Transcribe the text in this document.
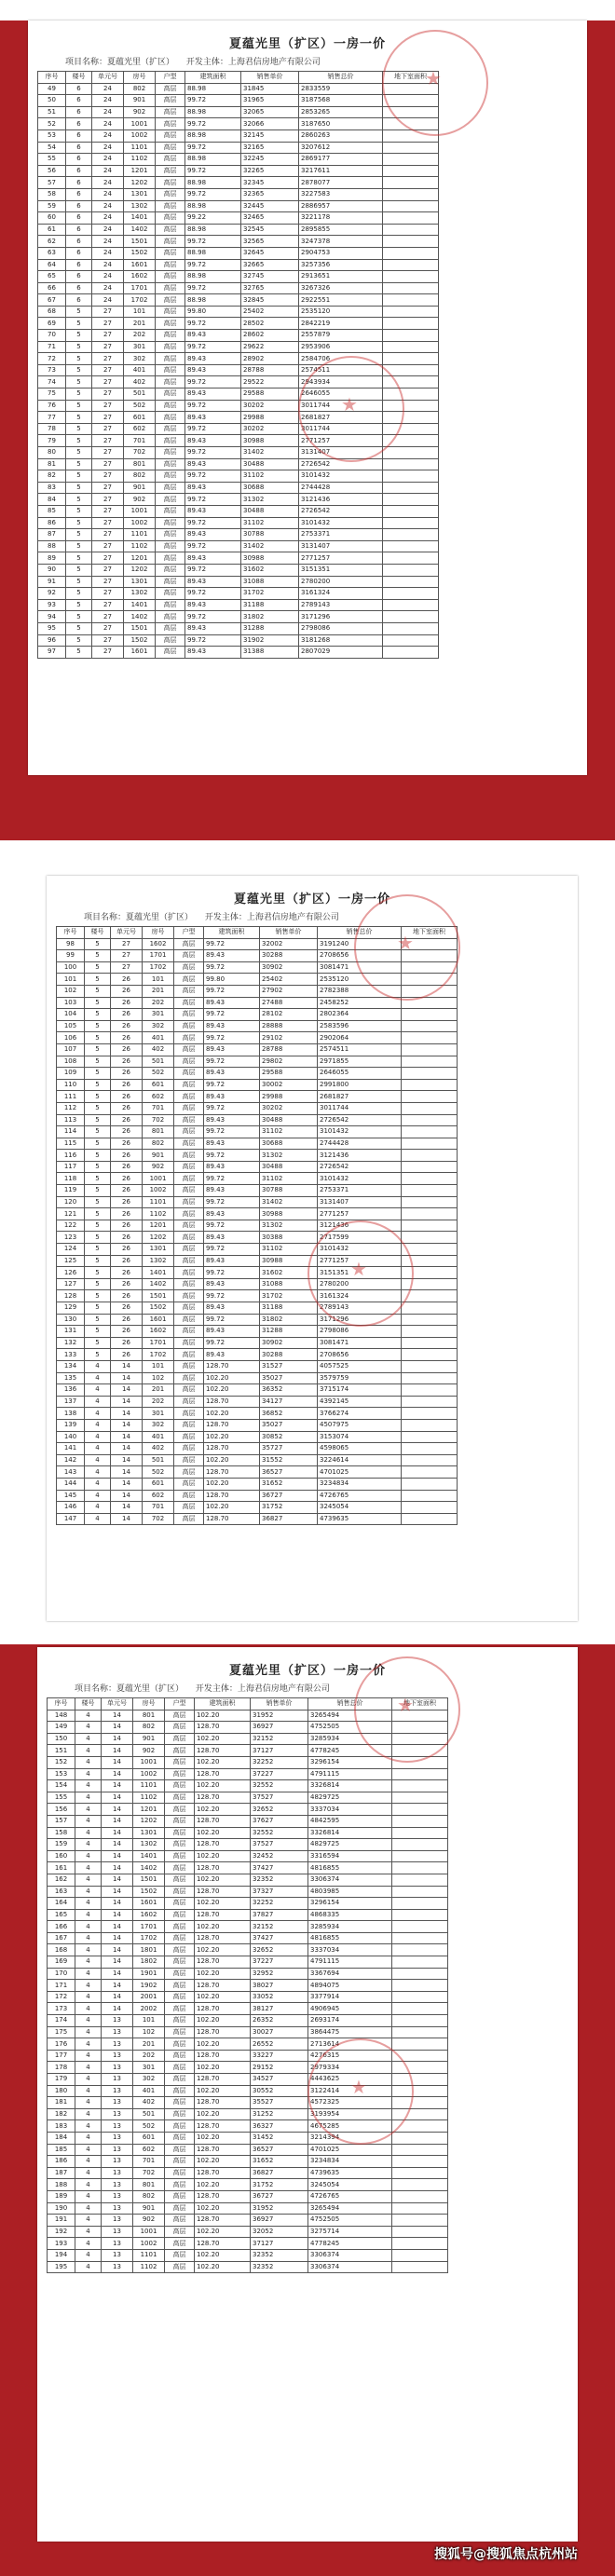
夏蕴光里（扩区）一房一价
项目名称：夏蕴光里（扩区） 开发主体：上海君信房地产有限公司
序号	楼号	单元号	房号	户型	建筑面积	销售单价	销售总价	地下室面积
49	6	24	802	高层	88.98	31845	2833559	
50	6	24	901	高层	99.72	31965	3187568	
51	6	24	902	高层	88.98	32065	2853265	
52	6	24	1001	高层	99.72	32066	3187650	
53	6	24	1002	高层	88.98	32145	2860263	
54	6	24	1101	高层	99.72	32165	3207612	
55	6	24	1102	高层	88.98	32245	2869177	
56	6	24	1201	高层	99.72	32265	3217611	
57	6	24	1202	高层	88.98	32345	2878077	
58	6	24	1301	高层	99.72	32365	3227583	
59	6	24	1302	高层	88.98	32445	2886957	
60	6	24	1401	高层	99.22	32465	3221178	
61	6	24	1402	高层	88.98	32545	2895855	
62	6	24	1501	高层	99.72	32565	3247378	
63	6	24	1502	高层	88.98	32645	2904753	
64	6	24	1601	高层	99.72	32665	3257356	
65	6	24	1602	高层	88.98	32745	2913651	
66	6	24	1701	高层	99.72	32765	3267326	
67	6	24	1702	高层	88.98	32845	2922551	
68	5	27	101	高层	99.80	25402	2535120	
69	5	27	201	高层	99.72	28502	2842219	
70	5	27	202	高层	89.43	28602	2557879	
71	5	27	301	高层	99.72	29622	2953906	
72	5	27	302	高层	89.43	28902	2584706	
73	5	27	401	高层	89.43	28788	2574511	
74	5	27	402	高层	99.72	29522	2943934	
75	5	27	501	高层	89.43	29588	2646055	
76	5	27	502	高层	99.72	30202	3011744	
77	5	27	601	高层	89.43	29988	2681827	
78	5	27	602	高层	99.72	30202	3011744	
79	5	27	701	高层	89.43	30988	2771257	
80	5	27	702	高层	99.72	31402	3131407	
81	5	27	801	高层	89.43	30488	2726542	
82	5	27	802	高层	99.72	31102	3101432	
83	5	27	901	高层	89.43	30688	2744428	
84	5	27	902	高层	99.72	31302	3121436	
85	5	27	1001	高层	89.43	30488	2726542	
86	5	27	1002	高层	99.72	31102	3101432	
87	5	27	1101	高层	89.43	30788	2753371	
88	5	27	1102	高层	99.72	31402	3131407	
89	5	27	1201	高层	89.43	30988	2771257	
90	5	27	1202	高层	99.72	31602	3151351	
91	5	27	1301	高层	89.43	31088	2780200	
92	5	27	1302	高层	99.72	31702	3161324	
93	5	27	1401	高层	89.43	31188	2789143	
94	5	27	1402	高层	99.72	31802	3171296	
95	5	27	1501	高层	89.43	31288	2798086	
96	5	27	1502	高层	99.72	31902	3181268	
97	5	27	1601	高层	89.43	31388	2807029	
★
★
夏蕴光里（扩区）一房一价
项目名称：夏蕴光里（扩区） 开发主体：上海君信房地产有限公司
序号	楼号	单元号	房号	户型	建筑面积	销售单价	销售总价	地下室面积
98	5	27	1602	高层	99.72	32002	3191240	
99	5	27	1701	高层	89.43	30288	2708656	
100	5	27	1702	高层	99.72	30902	3081471	
101	5	26	101	高层	99.80	25402	2535120	
102	5	26	201	高层	99.72	27902	2782388	
103	5	26	202	高层	89.43	27488	2458252	
104	5	26	301	高层	99.72	28102	2802364	
105	5	26	302	高层	89.43	28888	2583596	
106	5	26	401	高层	99.72	29102	2902064	
107	5	26	402	高层	89.43	28788	2574511	
108	5	26	501	高层	99.72	29802	2971855	
109	5	26	502	高层	89.43	29588	2646055	
110	5	26	601	高层	99.72	30002	2991800	
111	5	26	602	高层	89.43	29988	2681827	
112	5	26	701	高层	99.72	30202	3011744	
113	5	26	702	高层	89.43	30488	2726542	
114	5	26	801	高层	99.72	31102	3101432	
115	5	26	802	高层	89.43	30688	2744428	
116	5	26	901	高层	99.72	31302	3121436	
117	5	26	902	高层	89.43	30488	2726542	
118	5	26	1001	高层	99.72	31102	3101432	
119	5	26	1002	高层	89.43	30788	2753371	
120	5	26	1101	高层	99.72	31402	3131407	
121	5	26	1102	高层	89.43	30988	2771257	
122	5	26	1201	高层	99.72	31302	3121436	
123	5	26	1202	高层	89.43	30388	2717599	
124	5	26	1301	高层	99.72	31102	3101432	
125	5	26	1302	高层	89.43	30988	2771257	
126	5	26	1401	高层	99.72	31602	3151351	
127	5	26	1402	高层	89.43	31088	2780200	
128	5	26	1501	高层	99.72	31702	3161324	
129	5	26	1502	高层	89.43	31188	2789143	
130	5	26	1601	高层	99.72	31802	3171296	
131	5	26	1602	高层	89.43	31288	2798086	
132	5	26	1701	高层	99.72	30902	3081471	
133	5	26	1702	高层	89.43	30288	2708656	
134	4	14	101	高层	128.70	31527	4057525	
135	4	14	102	高层	102.20	35027	3579759	
136	4	14	201	高层	102.20	36352	3715174	
137	4	14	202	高层	128.70	34127	4392145	
138	4	14	301	高层	102.20	36852	3766274	
139	4	14	302	高层	128.70	35027	4507975	
140	4	14	401	高层	102.20	30852	3153074	
141	4	14	402	高层	128.70	35727	4598065	
142	4	14	501	高层	102.20	31552	3224614	
143	4	14	502	高层	128.70	36527	4701025	
144	4	14	601	高层	102.20	31652	3234834	
145	4	14	602	高层	128.70	36727	4726765	
146	4	14	701	高层	102.20	31752	3245054	
147	4	14	702	高层	128.70	36827	4739635	
★
★
夏蕴光里（扩区）一房一价
项目名称：夏蕴光里（扩区） 开发主体：上海君信房地产有限公司
序号	楼号	单元号	房号	户型	建筑面积	销售单价	销售总价	地下室面积
148	4	14	801	高层	102.20	31952	3265494	
149	4	14	802	高层	128.70	36927	4752505	
150	4	14	901	高层	102.20	32152	3285934	
151	4	14	902	高层	128.70	37127	4778245	
152	4	14	1001	高层	102.20	32252	3296154	
153	4	14	1002	高层	128.70	37227	4791115	
154	4	14	1101	高层	102.20	32552	3326814	
155	4	14	1102	高层	128.70	37527	4829725	
156	4	14	1201	高层	102.20	32652	3337034	
157	4	14	1202	高层	128.70	37627	4842595	
158	4	14	1301	高层	102.20	32552	3326814	
159	4	14	1302	高层	128.70	37527	4829725	
160	4	14	1401	高层	102.20	32452	3316594	
161	4	14	1402	高层	128.70	37427	4816855	
162	4	14	1501	高层	102.20	32352	3306374	
163	4	14	1502	高层	128.70	37327	4803985	
164	4	14	1601	高层	102.20	32252	3296154	
165	4	14	1602	高层	128.70	37827	4868335	
166	4	14	1701	高层	102.20	32152	3285934	
167	4	14	1702	高层	128.70	37427	4816855	
168	4	14	1801	高层	102.20	32652	3337034	
169	4	14	1802	高层	128.70	37227	4791115	
170	4	14	1901	高层	102.20	32952	3367694	
171	4	14	1902	高层	128.70	38027	4894075	
172	4	14	2001	高层	102.20	33052	3377914	
173	4	14	2002	高层	128.70	38127	4906945	
174	4	13	101	高层	102.20	26352	2693174	
175	4	13	102	高层	128.70	30027	3864475	
176	4	13	201	高层	102.20	26552	2713614	
177	4	13	202	高层	128.70	33227	4276315	
178	4	13	301	高层	102.20	29152	2979334	
179	4	13	302	高层	128.70	34527	4443625	
180	4	13	401	高层	102.20	30552	3122414	
181	4	13	402	高层	128.70	35527	4572325	
182	4	13	501	高层	102.20	31252	3193954	
183	4	13	502	高层	128.70	36327	4675285	
184	4	13	601	高层	102.20	31452	3214394	
185	4	13	602	高层	128.70	36527	4701025	
186	4	13	701	高层	102.20	31652	3234834	
187	4	13	702	高层	128.70	36827	4739635	
188	4	13	801	高层	102.20	31752	3245054	
189	4	13	802	高层	128.70	36727	4726765	
190	4	13	901	高层	102.20	31952	3265494	
191	4	13	902	高层	128.70	36927	4752505	
192	4	13	1001	高层	102.20	32052	3275714	
193	4	13	1002	高层	128.70	37127	4778245	
194	4	13	1101	高层	102.20	32352	3306374	
195	4	13	1102	高层	102.20	32352	3306374	
★
★
搜狐号@搜狐焦点杭州站
